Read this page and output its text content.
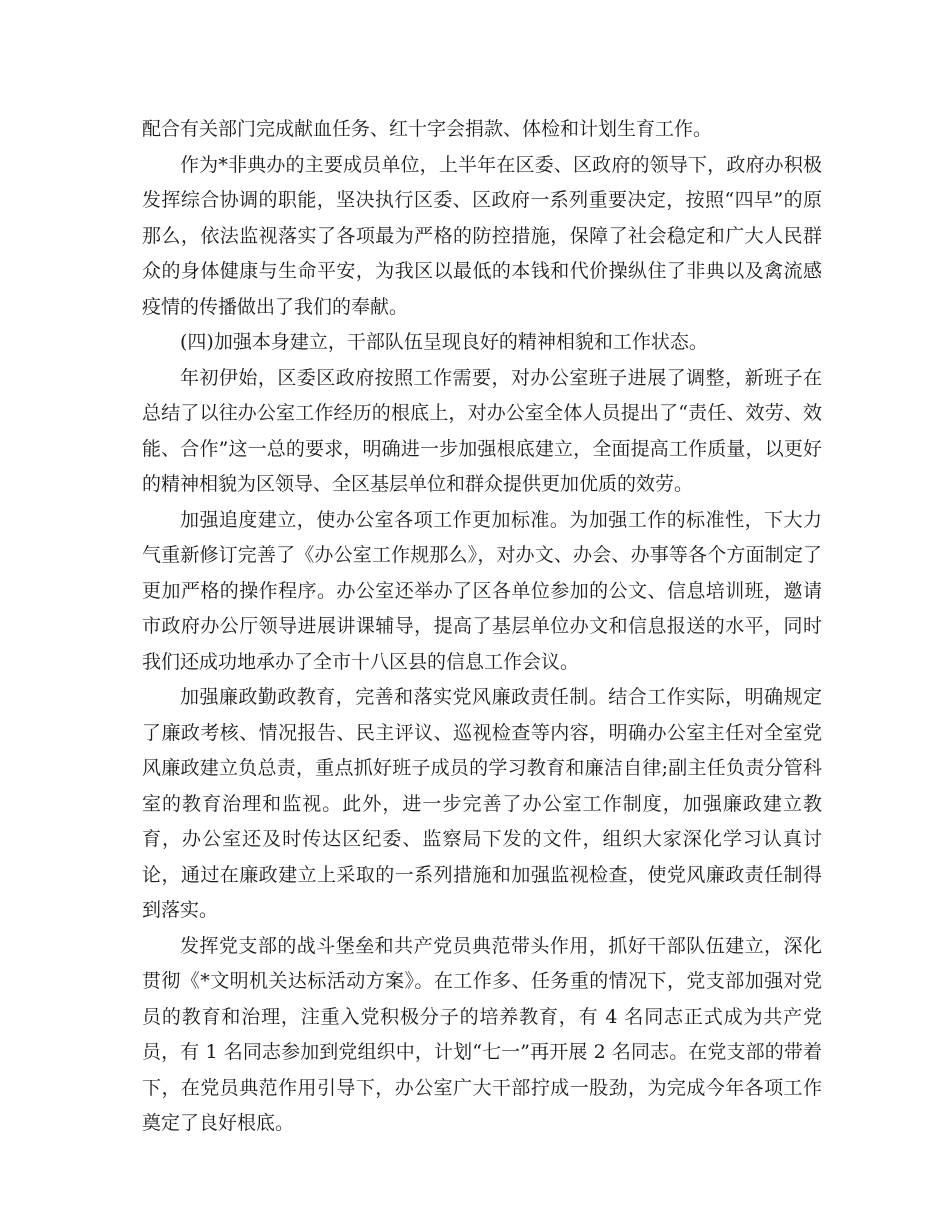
配合有关部门完成献血任务、红十字会捐款、体检和计划生育工作。

作为*非典办的主要成员单位，上半年在区委、区政府的领导下，政府办积极发挥综合协调的职能，坚决执行区委、区政府一系列重要决定，按照“四早”的原那么，依法监视落实了各项最为严格的防控措施，保障了社会稳定和广大人民群众的身体健康与生命平安，为我区以最低的本钱和代价操纵住了非典以及禽流感疫情的传播做出了我们的奉献。

(四)加强本身建立，干部队伍呈现良好的精神相貌和工作状态。

年初伊始，区委区政府按照工作需要，对办公室班子进展了调整，新班子在总结了以往办公室工作经历的根底上，对办公室全体人员提出了“责任、效劳、效能、合作”这一总的要求，明确进一步加强根底建立，全面提高工作质量，以更好的精神相貌为区领导、全区基层单位和群众提供更加优质的效劳。

加强追度建立，使办公室各项工作更加标准。为加强工作的标准性，下大力气重新修订完善了《办公室工作规那么》，对办文、办会、办事等各个方面制定了更加严格的操作程序。办公室还举办了区各单位参加的公文、信息培训班，邀请市政府办公厅领导进展讲课辅导，提高了基层单位办文和信息报送的水平，同时我们还成功地承办了全市十八区县的信息工作会议。

加强廉政勤政教育，完善和落实党风廉政责任制。结合工作实际，明确规定了廉政考核、情况报告、民主评议、巡视检查等内容，明确办公室主任对全室党风廉政建立负总责，重点抓好班子成员的学习教育和廉洁自律;副主任负责分管科室的教育治理和监视。此外，进一步完善了办公室工作制度，加强廉政建立教育，办公室还及时传达区纪委、监察局下发的文件，组织大家深化学习认真讨论，通过在廉政建立上采取的一系列措施和加强监视检查，使党风廉政责任制得到落实。

发挥党支部的战斗堡垒和共产党员典范带头作用，抓好干部队伍建立，深化贯彻《*文明机关达标活动方案》。在工作多、任务重的情况下，党支部加强对党员的教育和治理，注重入党积极分子的培养教育，有 4 名同志正式成为共产党员，有 1 名同志参加到党组织中，计划“七一”再开展 2 名同志。在党支部的带着下，在党员典范作用引导下，办公室广大干部拧成一股劲，为完成今年各项工作奠定了良好根底。
